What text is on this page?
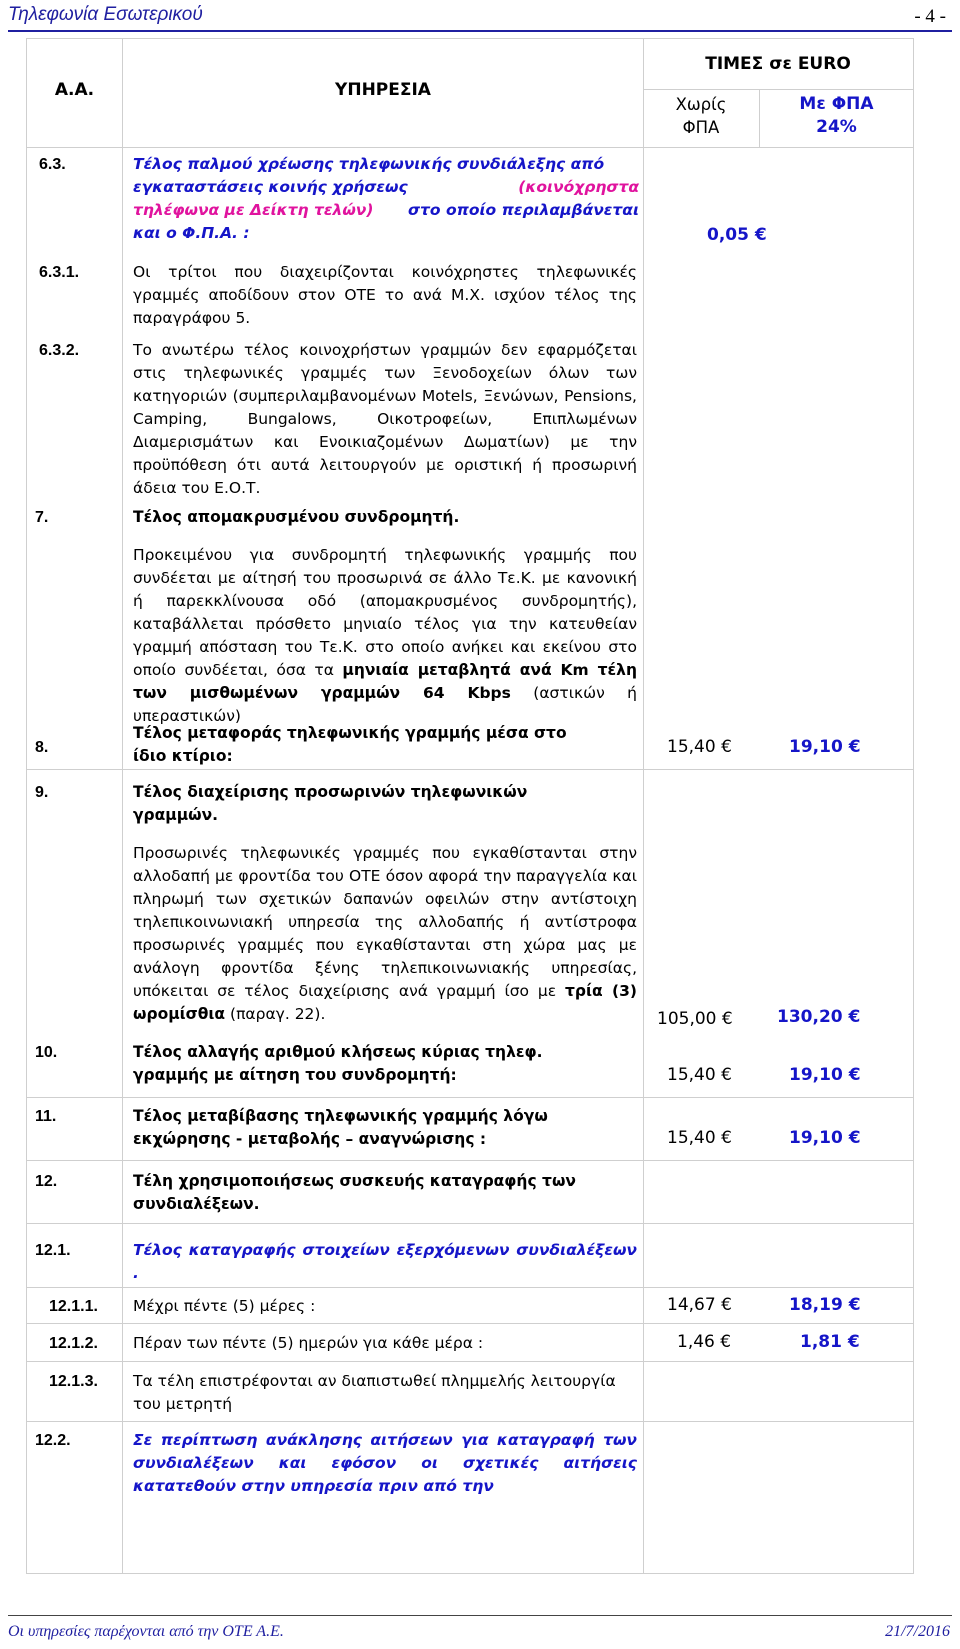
Τηλεφωνία Εσωτερικού	- 4 -
Α.Α.	ΥΠΗΡΕΣΙΑ
ΤΙΜΕΣ σε EURO
Χωρίς
ΦΠΑ
Με ΦΠΑ
24%
6.3.	Τέλος παλμού χρέωσης τηλεφωνικής συνδιάλεξης από
εγκαταστάσεις κοινής χρήσεως	(κοινόχρηστα
τηλέφωνα με Δείκτη τελών) στο οποίο περιλαμβάνεται
και ο Φ.Π.Α. :	0,05 €
6.3.1.	Οι τρίτοι που διαχειρίζονται κοινόχρηστες τηλεφωνικές γραμμές αποδίδουν στον ΟΤΕ το ανά Μ.Χ. ισχύον τέλος της παραγράφου 5.
6.3.2.	Το ανωτέρω τέλος κοινοχρήστων γραμμών δεν εφαρμόζεται στις τηλεφωνικές γραμμές των Ξενοδοχείων όλων των κατηγοριών (συμπεριλαμβανομένων Motels, Ξενώνων, Pensions, Camping, Bungalows, Οικοτροφείων, Επιπλωμένων Διαμερισμάτων και Ενοικιαζομένων Δωματίων) με την προϋπόθεση ότι αυτά λειτουργούν με οριστική ή προσωρινή άδεια του Ε.Ο.Τ.
7.	Τέλος απομακρυσμένου συνδρομητή.
Προκειμένου για συνδρομητή τηλεφωνικής γραμμής που συνδέεται με αίτησή του προσωρινά σε άλλο Τε.Κ. με κανονική ή παρεκκλίνουσα οδό (απομακρυσμένος συνδρομητής), καταβάλλεται πρόσθετο μηνιαίο τέλος για την κατευθείαν γραμμή απόσταση του Τε.Κ. στο οποίο ανήκει και εκείνου στο οποίο συνδέεται, όσα τα μηνιαία μεταβλητά ανά Km τέλη των μισθωμένων γραμμών 64 Kbps (αστικών ή υπεραστικών)
8.
Τέλος μεταφοράς τηλεφωνικής γραμμής μέσα στο
ίδιο κτίριο:	15,40 €	19,10 €
9.	Τέλος διαχείρισης προσωρινών τηλεφωνικών
γραμμών.
Προσωρινές τηλεφωνικές γραμμές που εγκαθίστανται στην αλλοδαπή με φροντίδα του ΟΤΕ όσον αφορά την παραγγελία και πληρωμή των σχετικών δαπανών οφειλών στην αντίστοιχη τηλεπικοινωνιακή υπηρεσία της αλλοδαπής ή αντίστροφα προσωρινές γραμμές που εγκαθίστανται στη χώρα μας με ανάλογη φροντίδα ξένης τηλεπικοινωνιακής υπηρεσίας, υπόκειται σε τέλος διαχείρισης ανά γραμμή ίσο με τρία (3) ωρομίσθια (παραγ. 22).	105,00 €	130,20 €
10.	Τέλος αλλαγής αριθμού κλήσεως κύριας τηλεφ.
γραμμής με αίτηση του συνδρομητή:	15,40 €	19,10 €
11.	Τέλος μεταβίβασης τηλεφωνικής γραμμής λόγω
εκχώρησης - μεταβολής – αναγνώρισης :	15,40 €	19,10 €
12.	Τέλη χρησιμοποιήσεως συσκευής καταγραφής των
συνδιαλέξεων.
12.1.	Τέλος καταγραφής στοιχείων εξερχόμενων συνδιαλέξεων .
12.1.1. Μέχρι πέντε (5) μέρες :	14,67 €	18,19 €
12.1.2. Πέραν των πέντε (5) ημερών για κάθε μέρα :	1,46 €	1,81 €
12.1.3. Τα τέλη επιστρέφονται αν διαπιστωθεί πλημμελής λειτουργία του μετρητή
12.2.	Σε περίπτωση ανάκλησης αιτήσεων για καταγραφή των συνδιαλέξεων και εφόσον οι σχετικές αιτήσεις κατατεθούν στην υπηρεσία πριν από την
Οι υπηρεσίες παρέχονται από την ΟΤΕ Α.Ε.	21/7/2016
